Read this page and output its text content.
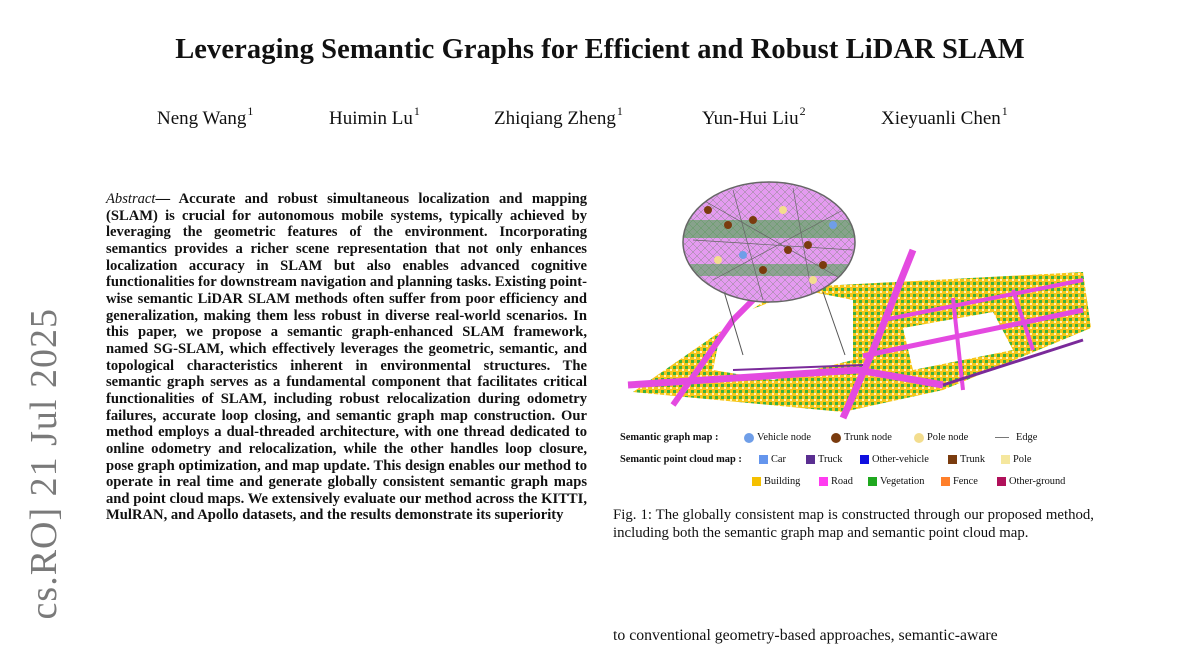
Leveraging Semantic Graphs for Efficient and Robust LiDAR SLAM
Neng Wang$^1$	Huimin Lu$^1$	Zhiqiang Zheng$^1$	Yun-Hui Liu$^2$	Xieyuanli Chen$^1$
cs.RO] 21 Jul 2025
Abstract— Accurate and robust simultaneous localization and mapping (SLAM) is crucial for autonomous mobile systems, typically achieved by leveraging the geometric features of the environment. Incorporating semantics provides a richer scene representation that not only enhances localization accuracy in SLAM but also enables advanced cognitive functionalities for downstream navigation and planning tasks. Existing point-wise semantic LiDAR SLAM methods often suffer from poor efficiency and generalization, making them less robust in diverse real-world scenarios. In this paper, we propose a semantic graph-enhanced SLAM framework, named SG-SLAM, which effectively leverages the geometric, semantic, and topological characteristics inherent in environmental structures. The semantic graph serves as a fundamental component that facilitates critical functionalities of SLAM, including robust relocalization during odometry failures, accurate loop closing, and semantic graph map construction. Our method employs a dual-threaded architecture, with one thread dedicated to online odometry and relocalization, while the other handles loop closure, pose graph optimization, and map update. This design enables our method to operate in real time and generate globally consistent semantic graph maps and point cloud maps. We extensively evaluate our method across the KITTI, MulRAN, and Apollo datasets, and the results demonstrate its superiority
Semantic graph map :	Vehicle node	Trunk node	Pole node	Edge
Semantic point cloud map :	Car	Truck	Other-vehicle	Trunk	Pole
Building	Road	Vegetation	Fence	Other-ground
Fig. 1: The globally consistent map is constructed through our proposed method, including both the semantic graph map and semantic point cloud map.
to conventional geometry-based approaches, semantic-aware
